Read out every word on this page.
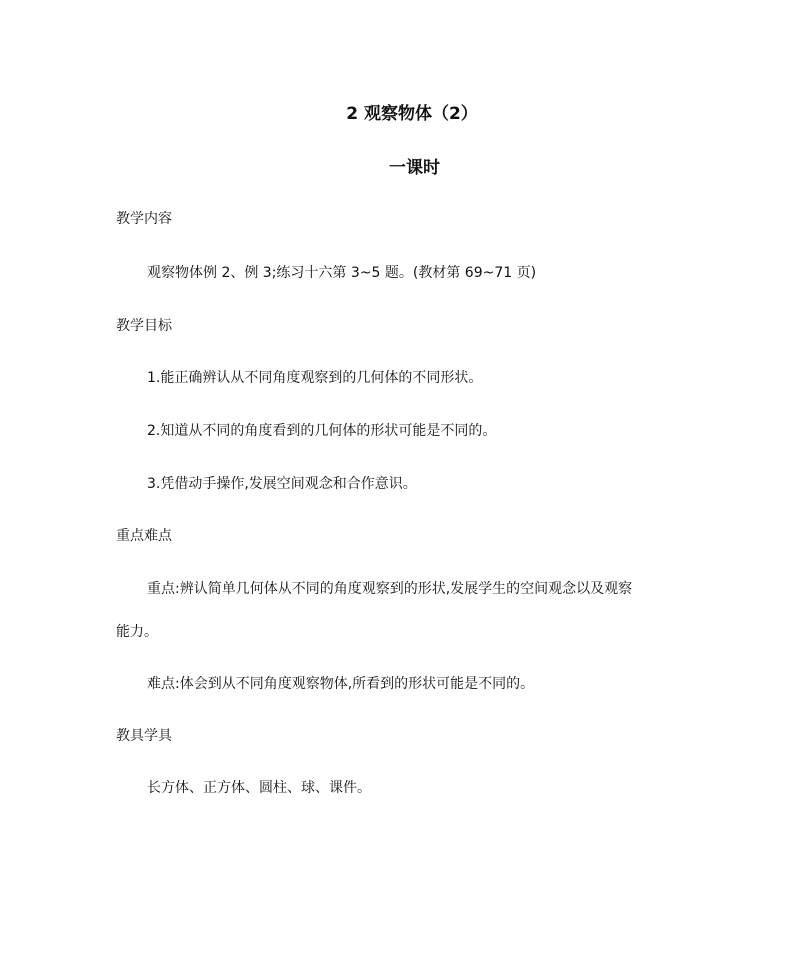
2 观察物体（2）
一课时
教学内容
观察物体例 2、例 3;练习十六第 3~5 题。(教材第 69~71 页)
教学目标
1.能正确辨认从不同角度观察到的几何体的不同形状。
2.知道从不同的角度看到的几何体的形状可能是不同的。
3.凭借动手操作,发展空间观念和合作意识。
重点难点
重点:辨认简单几何体从不同的角度观察到的形状,发展学生的空间观念以及观察
能力。
难点:体会到从不同角度观察物体,所看到的形状可能是不同的。
教具学具
长方体、正方体、圆柱、球、课件。
